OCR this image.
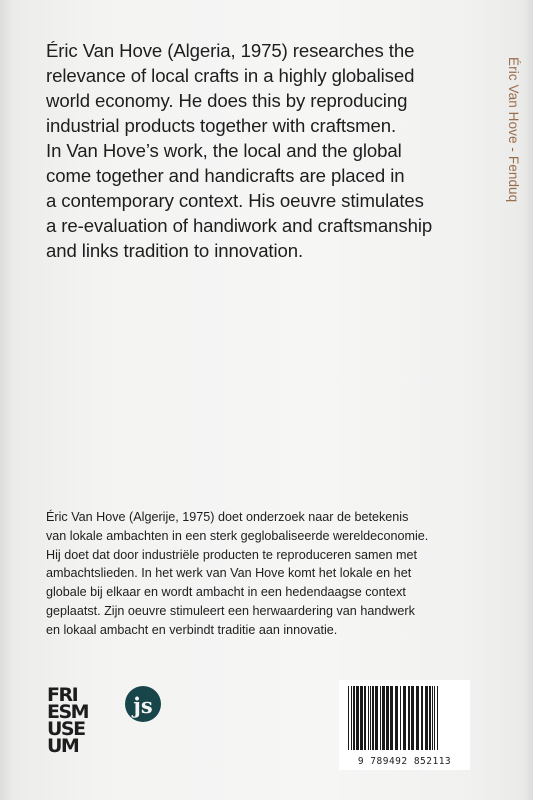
Éric Van Hove (Algeria, 1975) researches the
relevance of local crafts in a highly globalised
world economy. He does this by reproducing
industrial products together with craftsmen.
In Van Hove’s work, the local and the global
come together and handicrafts are placed in
a contemporary context. His oeuvre stimulates
a re-evaluation of handiwork and craftsmanship
and links tradition to innovation.

Éric Van Hove - Fenduq
Éric Van Hove (Algerije, 1975) doet onderzoek naar de betekenis
van lokale ambachten in een sterk geglobaliseerde wereldeconomie.
Hij doet dat door industriële producten te reproduceren samen met
ambachtslieden. In het werk van Van Hove komt het lokale en het
globale bij elkaar en wordt ambacht in een hedendaagse context
geplaatst. Zijn oeuvre stimuleert een herwaardering van handwerk
en lokaal ambacht en verbindt traditie aan innovatie.
FRI
ESM
USE
UM
js
9 789492 852113
